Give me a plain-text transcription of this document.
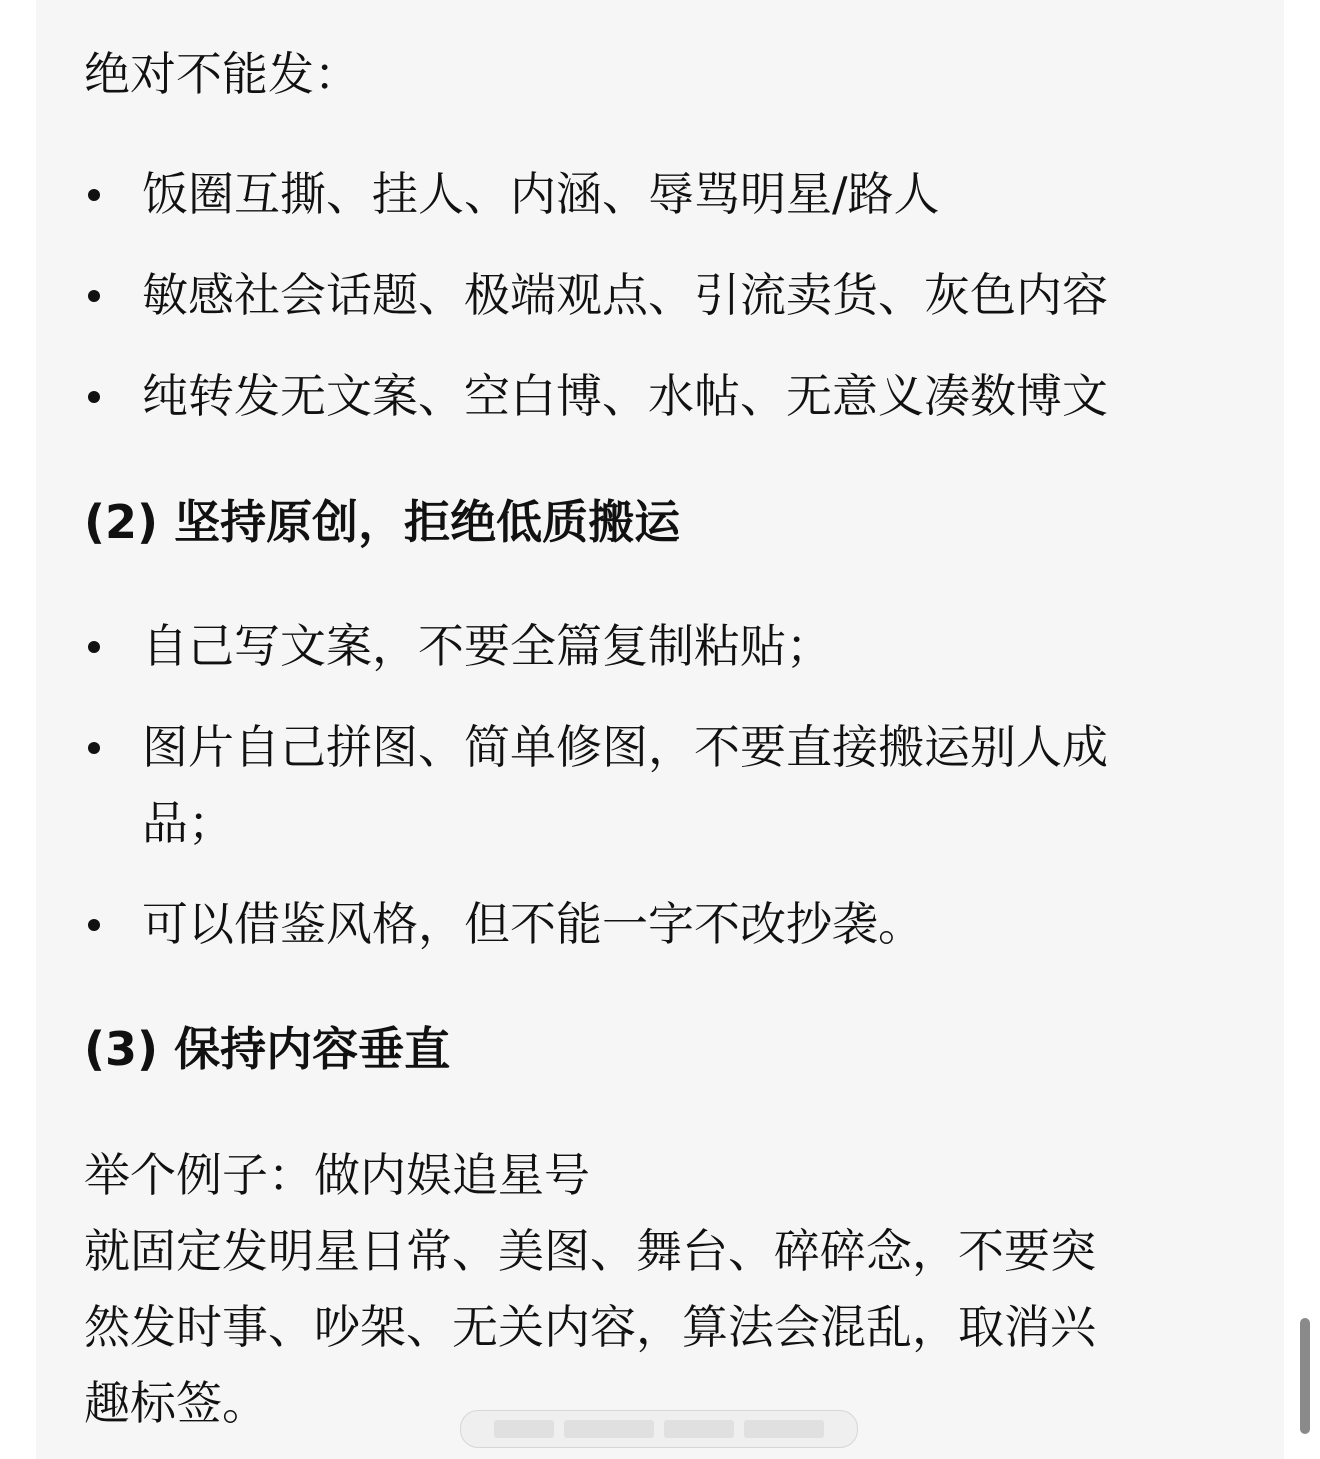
绝对不能发：
饭圈互撕、挂人、内涵、辱骂明星/路人
敏感社会话题、极端观点、引流卖货、灰色内容
纯转发无文案、空白博、水帖、无意义凑数博文
(2) 坚持原创，拒绝低质搬运
自己写文案，不要全篇复制粘贴；
图片自己拼图、简单修图，不要直接搬运别人成
品；
可以借鉴风格，但不能一字不改抄袭。
(3) 保持内容垂直
举个例子：做内娱追星号
就固定发明星日常、美图、舞台、碎碎念，不要突
然发时事、吵架、无关内容，算法会混乱，取消兴
趣标签。
